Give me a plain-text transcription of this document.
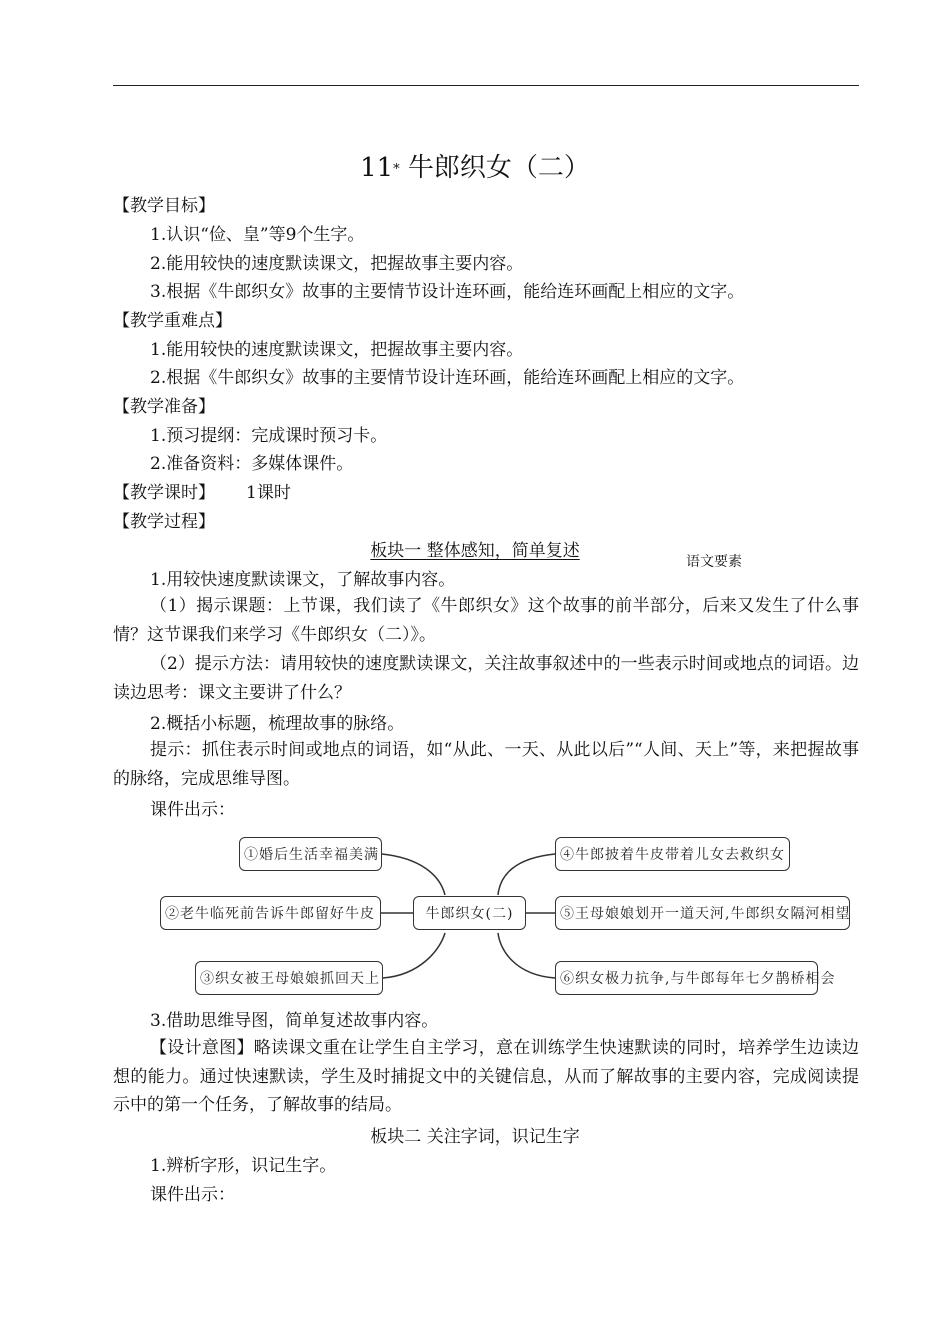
11* 牛郎织女（二）
【教学目标】
1.认识“俭、皇”等9个生字。
2.能用较快的速度默读课文，把握故事主要内容。
3.根据《牛郎织女》故事的主要情节设计连环画，能给连环画配上相应的文字。
【教学重难点】
1.能用较快的速度默读课文，把握故事主要内容。
2.根据《牛郎织女》故事的主要情节设计连环画，能给连环画配上相应的文字。
【教学准备】
1.预习提纲：完成课时预习卡。
2.准备资料：多媒体课件。
【教学课时】 1课时
【教学过程】
板块一 整体感知，简单复述
语文要素
1.用较快速度默读课文，了解故事内容。
（1）揭示课题：上节课，我们读了《牛郎织女》这个故事的前半部分，后来又发生了什么事情？这节课我们来学习《牛郎织女（二）》。
（2）提示方法：请用较快的速度默读课文，关注故事叙述中的一些表示时间或地点的词语。边读边思考：课文主要讲了什么？
2.概括小标题，梳理故事的脉络。
提示：抓住表示时间或地点的词语，如“从此、一天、从此以后”“人间、天上”等，来把握故事的脉络，完成思维导图。
课件出示：
牛郎织女(二)
①婚后生活幸福美满
②老牛临死前告诉牛郎留好牛皮
③织女被王母娘娘抓回天上
④牛郎披着牛皮带着儿女去救织女
⑤王母娘娘划开一道天河,牛郎织女隔河相望
⑥织女极力抗争,与牛郎每年七夕鹊桥相会
3.借助思维导图，简单复述故事内容。
【设计意图】略读课文重在让学生自主学习，意在训练学生快速默读的同时，培养学生边读边想的能力。通过快速默读，学生及时捕捉文中的关键信息，从而了解故事的主要内容，完成阅读提示中的第一个任务，了解故事的结局。
板块二 关注字词，识记生字
1.辨析字形，识记生字。
课件出示：
